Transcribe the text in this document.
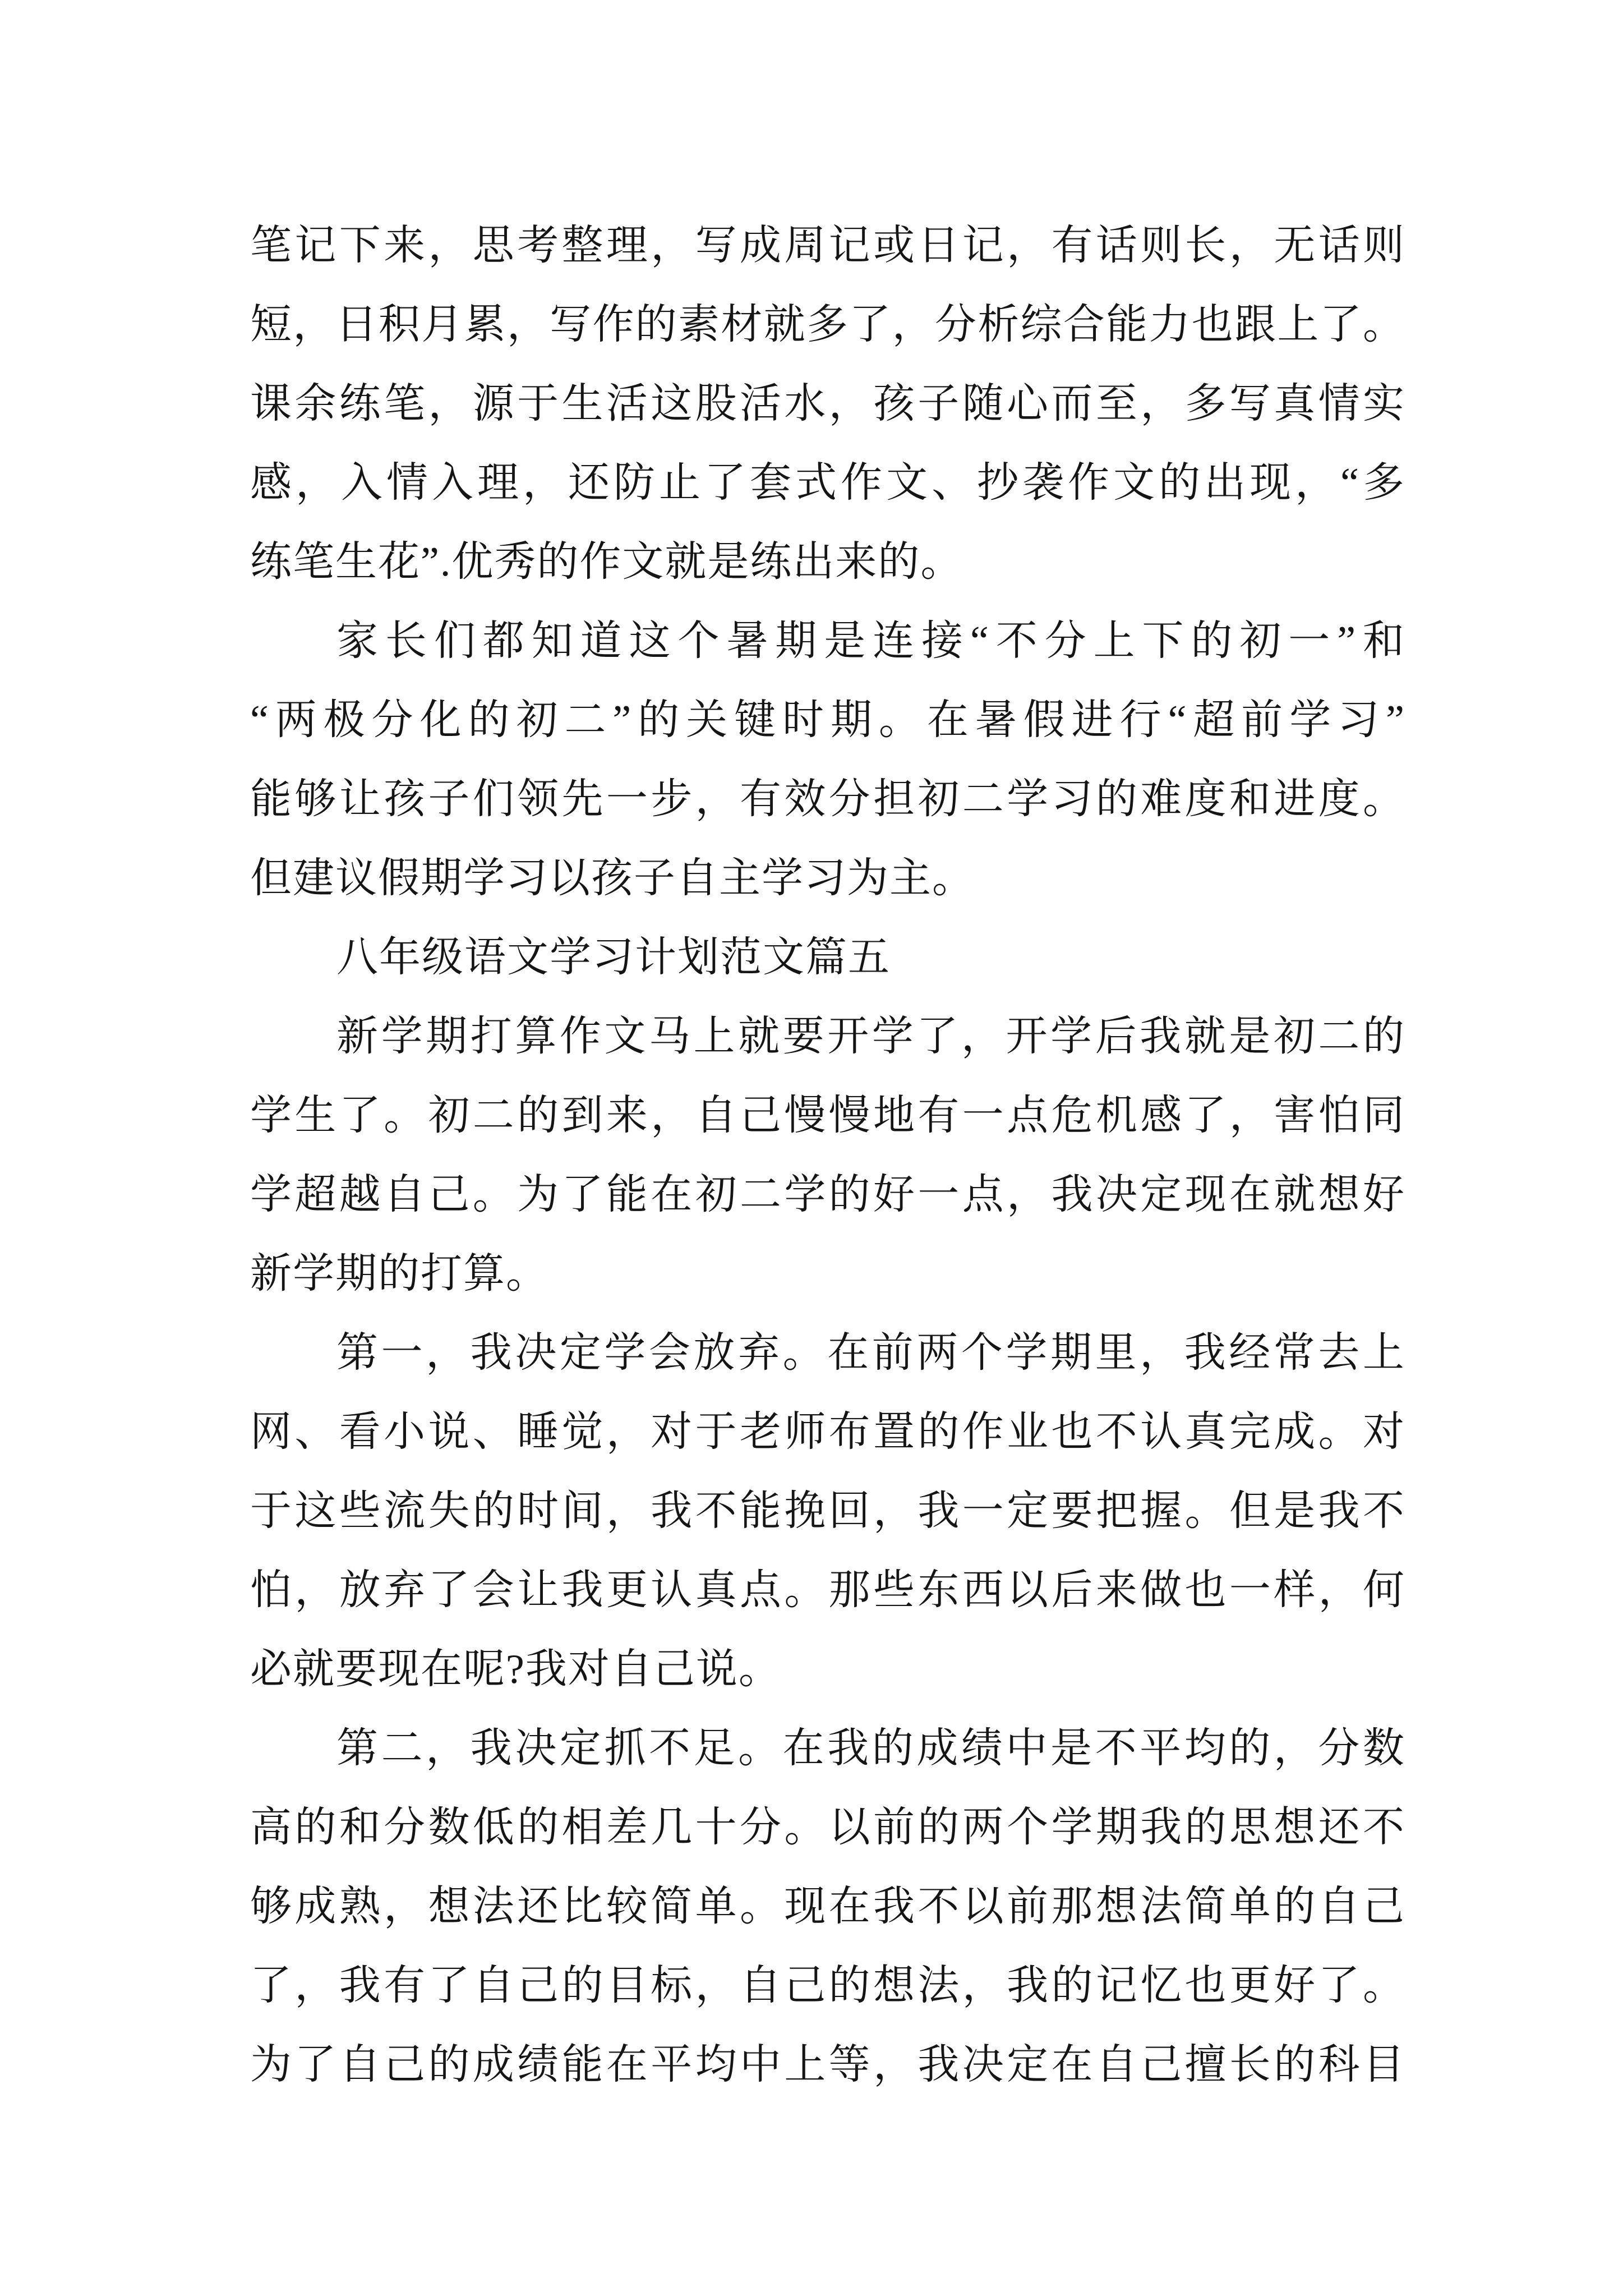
笔记下来，思考整理，写成周记或日记，有话则长，无话则
短，日积月累，写作的素材就多了，分析综合能力也跟上了。
课余练笔，源于生活这股活水，孩子随心而至，多写真情实
感，入情入理，还防止了套式作文、抄袭作文的出现，“多
练笔生花”.优秀的作文就是练出来的。
家长们都知道这个暑期是连接“不分上下的初一”和
“两极分化的初二”的关键时期。在暑假进行“超前学习”
能够让孩子们领先一步，有效分担初二学习的难度和进度。
但建议假期学习以孩子自主学习为主。
八年级语文学习计划范文篇五
新学期打算作文马上就要开学了，开学后我就是初二的
学生了。初二的到来，自己慢慢地有一点危机感了，害怕同
学超越自己。为了能在初二学的好一点，我决定现在就想好
新学期的打算。
第一，我决定学会放弃。在前两个学期里，我经常去上
网、看小说、睡觉，对于老师布置的作业也不认真完成。对
于这些流失的时间，我不能挽回，我一定要把握。但是我不
怕，放弃了会让我更认真点。那些东西以后来做也一样，何
必就要现在呢?我对自己说。
第二，我决定抓不足。在我的成绩中是不平均的，分数
高的和分数低的相差几十分。以前的两个学期我的思想还不
够成熟，想法还比较简单。现在我不以前那想法简单的自己
了，我有了自己的目标，自己的想法，我的记忆也更好了。
为了自己的成绩能在平均中上等，我决定在自己擅长的科目
